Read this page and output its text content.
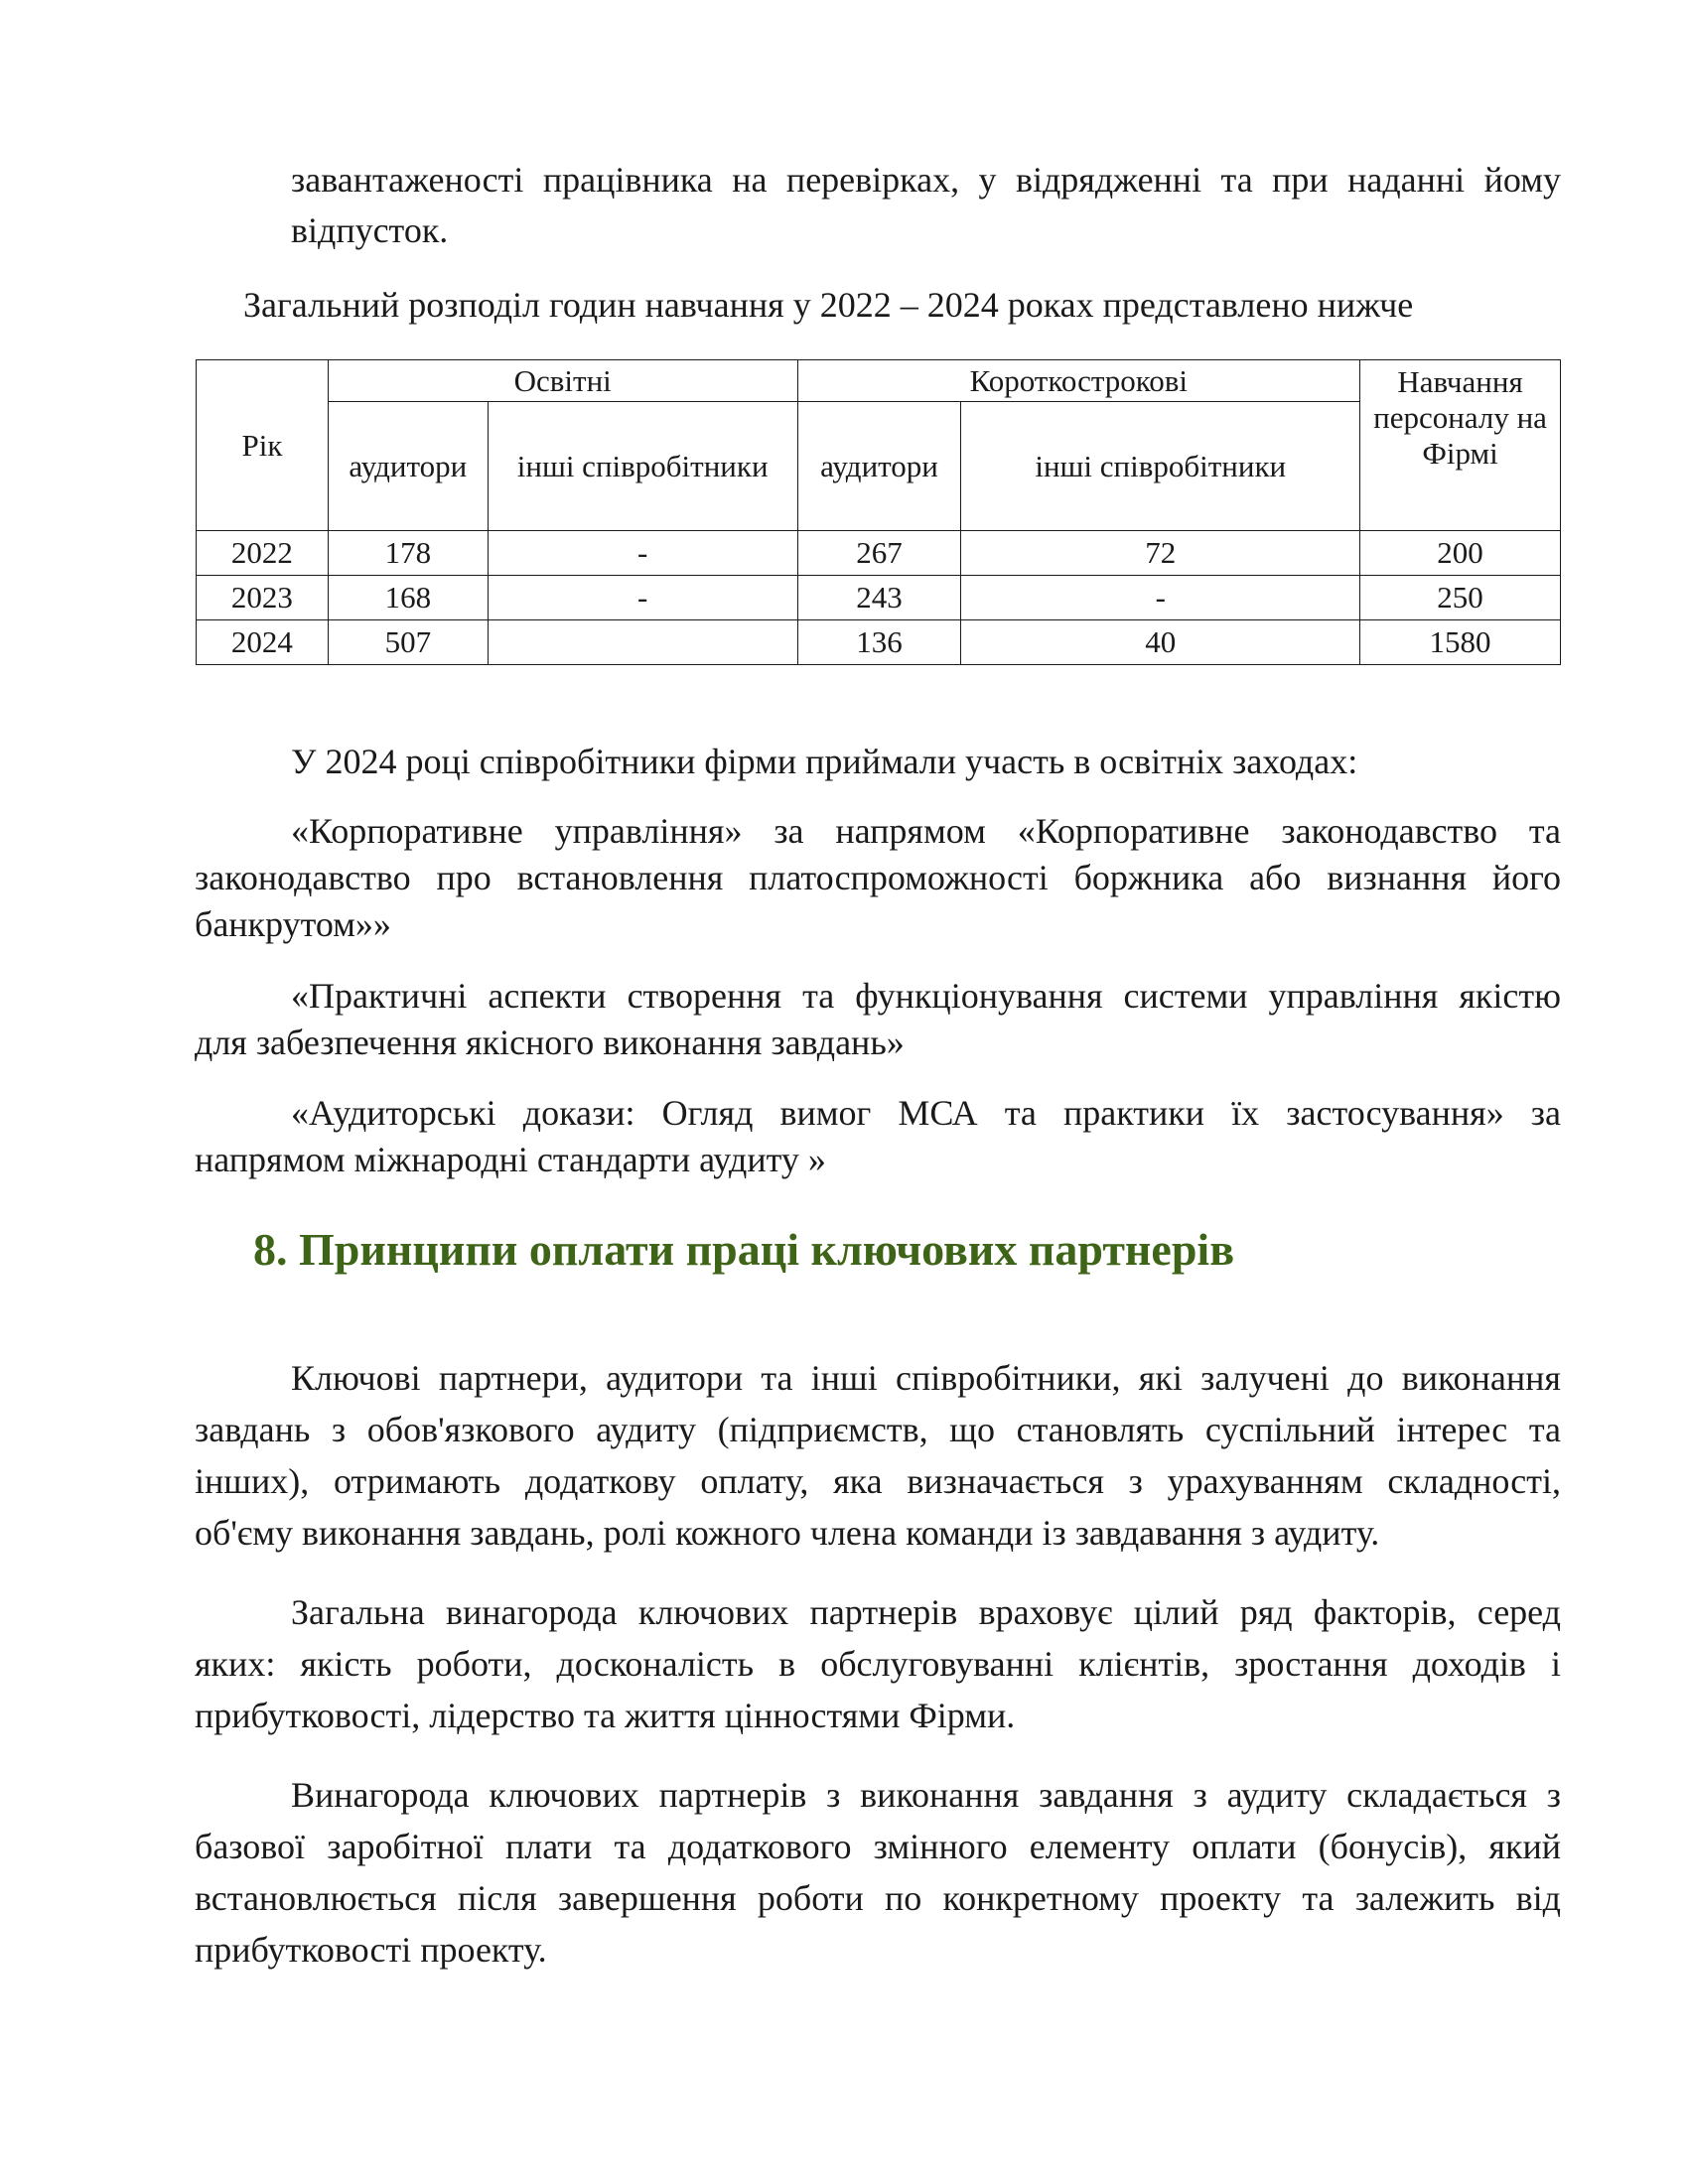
завантаженості працівника на перевірках, у відрядженні та при наданні йому
відпусток.

Загальний розподіл годин навчання у 2022 – 2024 роках представлено нижче

Рік	Освітні		Короткострокові		Навчання персоналу на Фірмі
	аудитори	інші співробітники	аудитори	інші співробітники	
2022	178	-	267	72	200
2023	168	-	243	-	250
2024	507		136	40	1580

У 2024 році співробітники фірми приймали участь в освітніх заходах:

«Корпоративне управління» за напрямом «Корпоративне законодавство та
законодавство про встановлення платоспроможності боржника або визнання його
банкрутом»»
«Практичні аспекти створення та функціонування системи управління якістю
для забезпечення якісного виконання завдань»
«Аудиторські докази: Огляд вимог МСА та практики їх застосування» за
напрямом міжнародні стандарти аудиту »
8. Принципи оплати праці ключових партнерів
Ключові партнери, аудитори та інші співробітники, які залучені до виконання
завдань з обов'язкового аудиту (підприємств, що становлять суспільний інтерес та
інших), отримають додаткову оплату, яка визначається з урахуванням складності,
об'єму виконання завдань, ролі кожного члена команди із завдавання з аудиту.
Загальна винагорода ключових партнерів враховує цілий ряд факторів, серед
яких: якість роботи, досконалість в обслуговуванні клієнтів, зростання доходів і
прибутковості, лідерство та життя цінностями Фірми.
Винагорода ключових партнерів з виконання завдання з аудиту складається з
базової заробітної плати та додаткового змінного елементу оплати (бонусів), який
встановлюється після завершення роботи по конкретному проекту та залежить від
прибутковості проекту.
